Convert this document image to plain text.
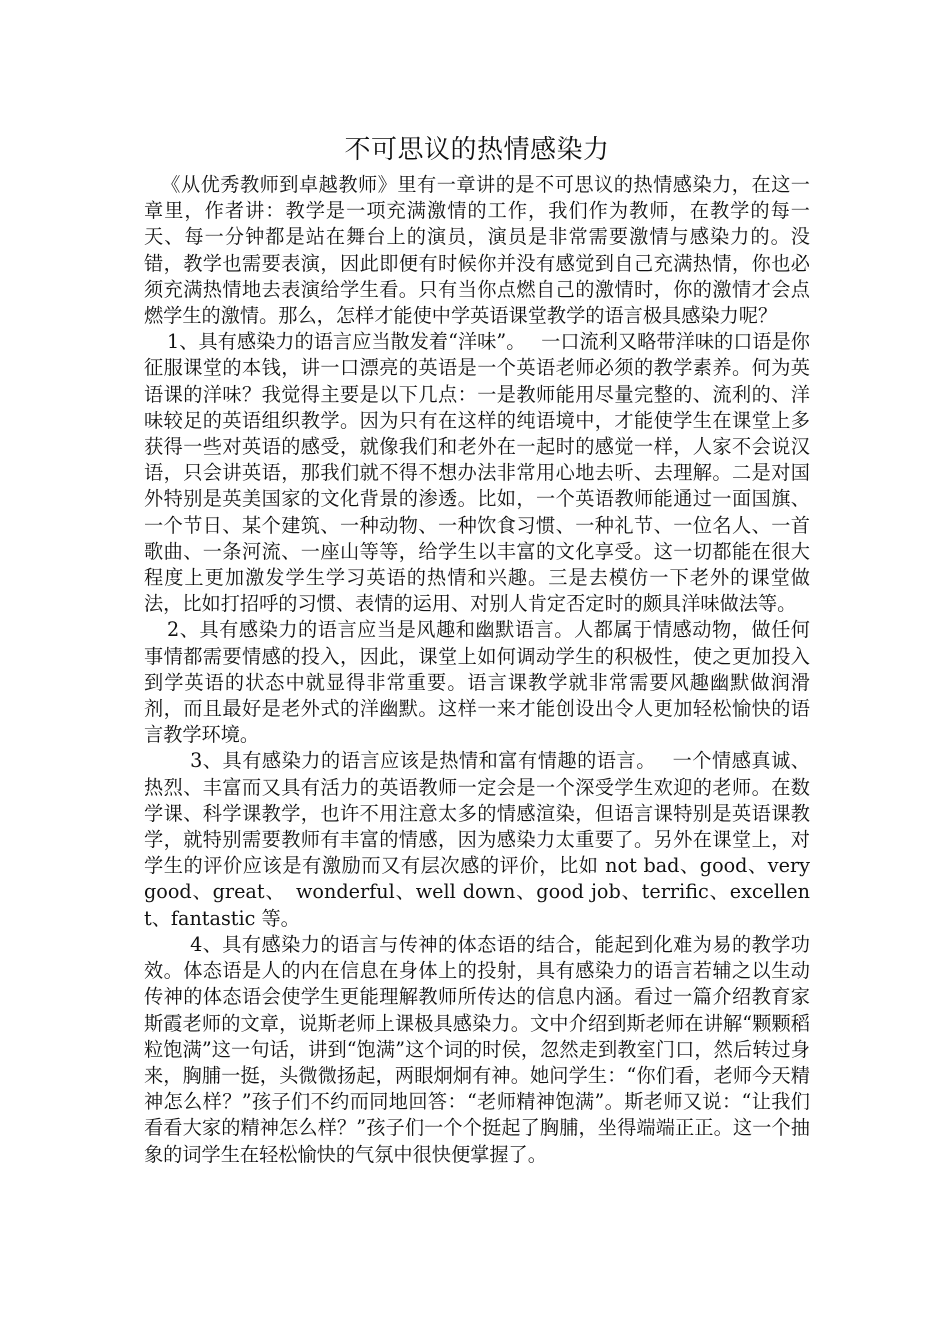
不可思议的热情感染力

《从优秀教师到卓越教师》里有一章讲的是不可思议的热情感染力，在这一章里，作者讲：教学是一项充满激情的工作，我们作为教师，在教学的每一天、每一分钟都是站在舞台上的演员，演员是非常需要激情与感染力的。没错，教学也需要表演，因此即便有时候你并没有感觉到自己充满热情，你也必须充满热情地去表演给学生看。只有当你点燃自己的激情时，你的激情才会点燃学生的激情。那么，怎样才能使中学英语课堂教学的语言极具感染力呢？

1、具有感染力的语言应当散发着“洋味”。　 一口流利又略带洋味的口语是你征服课堂的本钱，讲一口漂亮的英语是一个英语老师必须的教学素养。何为英语课的洋味？我觉得主要是以下几点：一是教师能用尽量完整的、流利的、洋味较足的英语组织教学。因为只有在这样的纯语境中，才能使学生在课堂上多获得一些对英语的感受，就像我们和老外在一起时的感觉一样，人家不会说汉语，只会讲英语，那我们就不得不想办法非常用心地去听、去理解。二是对国外特别是英美国家的文化背景的渗透。比如，一个英语教师能通过一面国旗、一个节日、某个建筑、一种动物、一种饮食习惯、一种礼节、一位名人、一首歌曲、一条河流、一座山等等，给学生以丰富的文化享受。这一切都能在很大程度上更加激发学生学习英语的热情和兴趣。三是去模仿一下老外的课堂做法，比如打招呼的习惯、表情的运用、对别人肯定否定时的颇具洋味做法等。

2、具有感染力的语言应当是风趣和幽默语言。人都属于情感动物，做任何事情都需要情感的投入，因此，课堂上如何调动学生的积极性，使之更加投入到学英语的状态中就显得非常重要。语言课教学就非常需要风趣幽默做润滑剂，而且最好是老外式的洋幽默。这样一来才能创设出令人更加轻松愉快的语言教学环境。

3、具有感染力的语言应该是热情和富有情趣的语言。　 一个情感真诚、热烈、丰富而又具有活力的英语教师一定会是一个深受学生欢迎的老师。在数学课、科学课教学，也许不用注意太多的情感渲染，但语言课特别是英语课教学，就特别需要教师有丰富的情感，因为感染力太重要了。另外在课堂上，对学生的评价应该是有激励而又有层次感的评价，比如 not bad、good、very good、great、　wonderful、well down、good job、terrific、excellent、fantastic 等。

4、具有感染力的语言与传神的体态语的结合，能起到化难为易的教学功效。体态语是人的内在信息在身体上的投射，具有感染力的语言若辅之以生动传神的体态语会使学生更能理解教师所传达的信息内涵。看过一篇介绍教育家斯霞老师的文章，说斯老师上课极具感染力。文中介绍到斯老师在讲解“颗颗稻粒饱满”这一句话，讲到“饱满”这个词的时侯，忽然走到教室门口，然后转过身来，胸脯一挺，头微微扬起，两眼炯炯有神。她问学生：“你们看，老师今天精神怎么样？”孩子们不约而同地回答：“老师精神饱满”。斯老师又说：“让我们看看大家的精神怎么样？”孩子们一个个挺起了胸脯，坐得端端正正。这一个抽象的词学生在轻松愉快的气氛中很快便掌握了。
